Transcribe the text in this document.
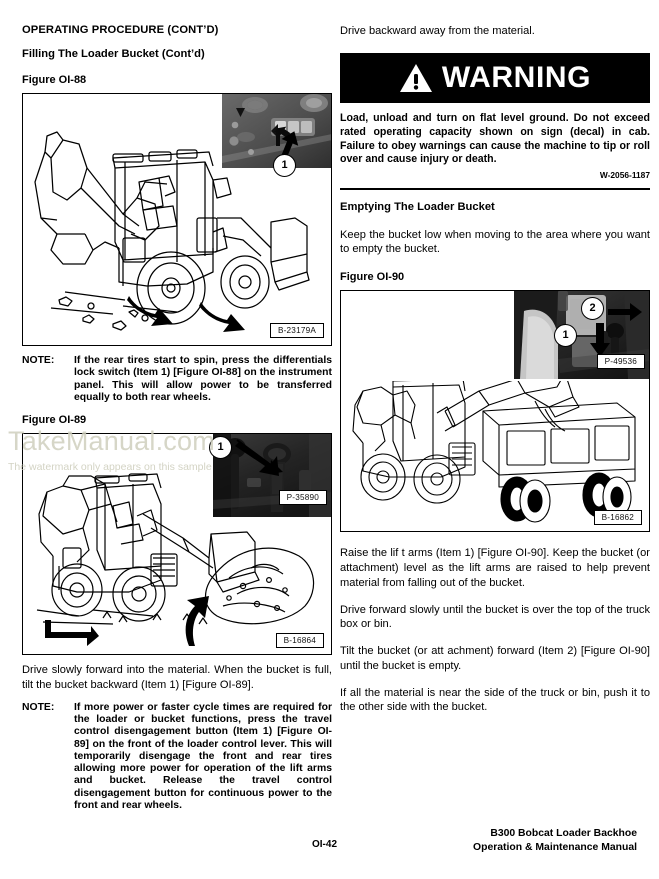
OPERATING PROCEDURE (CONT’D)
Filling The Loader Bucket (Cont’d)
Figure OI-88
1
B-23179A
NOTE: If the rear tires start to spin, press the differentials lock switch (Item 1) [Figure OI-88] on the instrument panel. This will allow power to be transferred equally to both rear wheels.
Figure OI-89
1
P-35890
B-16864
Drive slowly forward into the material. When the bucket is full, tilt the bucket backward (Item 1) [Figure OI-89].
NOTE: If more power or faster cycle times are required for the loader or bucket functions, press the travel control disengagement button (Item 1) [Figure OI-89] on the front of the loader control lever. This will temporarily disengage the front and rear tires allowing more power for operation of the lift arms and bucket. Release the travel control disengagement button for continuous power to the front and rear wheels.
Drive backward away from the material.
WARNING
Load, unload and turn on flat level ground. Do not exceed rated operating capacity shown on sign (decal) in cab. Failure to obey warnings can cause the machine to tip or roll over and cause injury or death.
W-2056-1187
Emptying The Loader Bucket
Keep the bucket low when moving to the area where you want to empty the bucket.
Figure OI-90
2
1
P-49536
B-16862
Raise the lif t arms (Item 1) [Figure OI-90]. Keep the bucket (or attachment) level as the lift arms are raised to help prevent material from falling out of the bucket.
Drive forward slowly until the bucket is over the top of the truck box or bin.
Tilt the bucket (or att achment) forward (Item 2) [Figure OI-90] until the bucket is empty.
If all the material is near the side of the truck or bin, push it to the other side with the bucket.
TakeManual.com
The watermark only appears on this sample
OI-42
B300 Bobcat Loader Backhoe
Operation & Maintenance Manual
